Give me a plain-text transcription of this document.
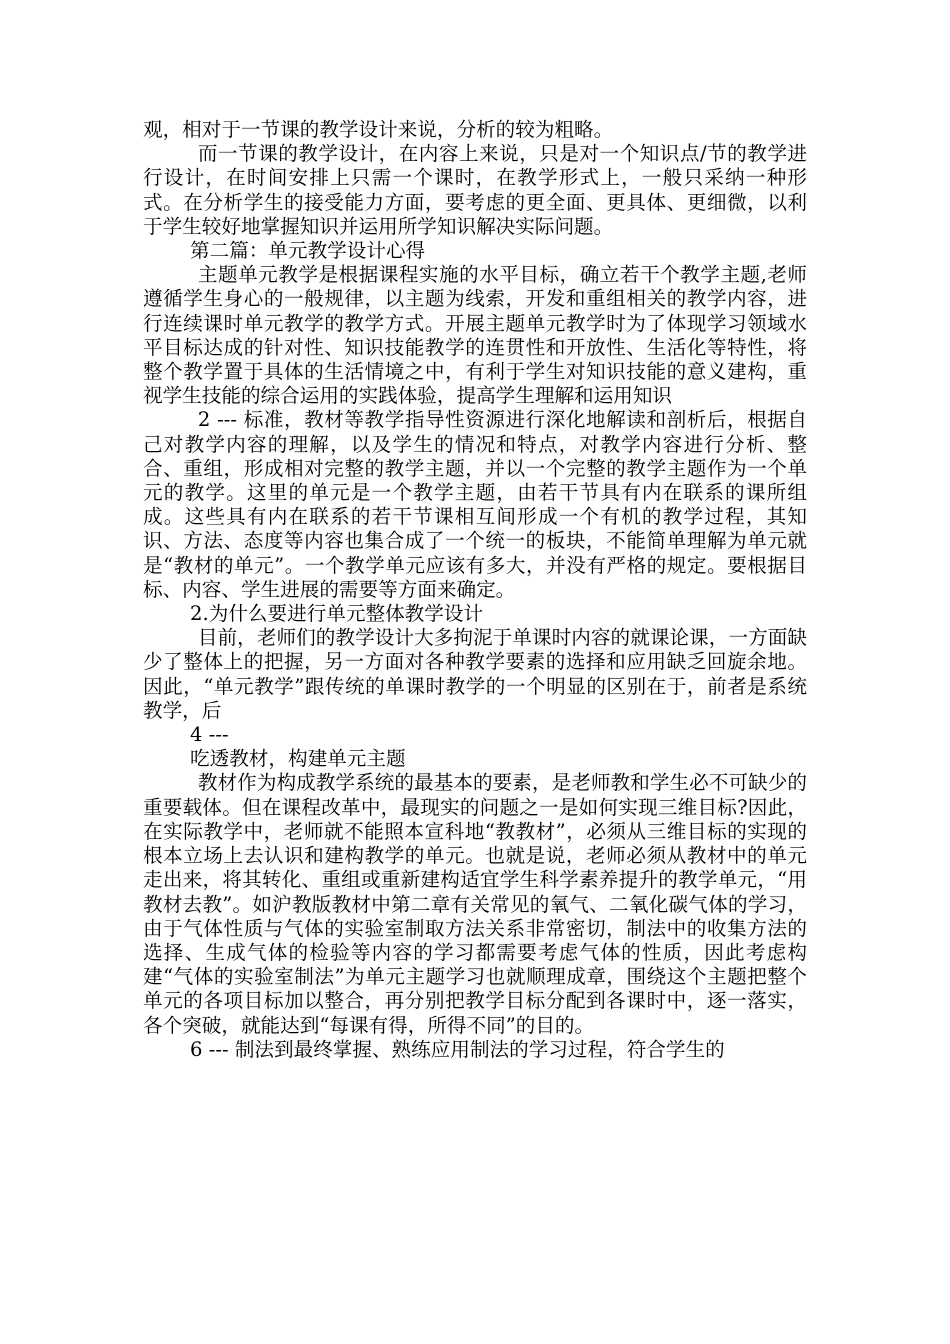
观，相对于一节课的教学设计来说，分析的较为粗略。

而一节课的教学设计，在内容上来说，只是对一个知识点/节的教学进行设计，在时间安排上只需一个课时，在教学形式上，一般只采纳一种形式。在分析学生的接受能力方面，要考虑的更全面、更具体、更细微，以利于学生较好地掌握知识并运用所学知识解决实际问题。

第二篇：单元教学设计心得

主题单元教学是根据课程实施的水平目标，确立若干个教学主题,老师遵循学生身心的一般规律，以主题为线索，开发和重组相关的教学内容，进行连续课时单元教学的教学方式。开展主题单元教学时为了体现学习领域水平目标达成的针对性、知识技能教学的连贯性和开放性、生活化等特性，将整个教学置于具体的生活情境之中，有利于学生对知识技能的意义建构，重视学生技能的综合运用的实践体验，提高学生理解和运用知识

2 --- 标准，教材等教学指导性资源进行深化地解读和剖析后，根据自己对教学内容的理解，以及学生的情况和特点，对教学内容进行分析、整合、重组，形成相对完整的教学主题，并以一个完整的教学主题作为一个单元的教学。这里的单元是一个教学主题，由若干节具有内在联系的课所组成。这些具有内在联系的若干节课相互间形成一个有机的教学过程，其知识、方法、态度等内容也集合成了一个统一的板块，不能简单理解为单元就是“教材的单元”。一个教学单元应该有多大，并没有严格的规定。要根据目标、内容、学生进展的需要等方面来确定。

2.为什么要进行单元整体教学设计

目前，老师们的教学设计大多拘泥于单课时内容的就课论课，一方面缺少了整体上的把握，另一方面对各种教学要素的选择和应用缺乏回旋余地。因此，“单元教学”跟传统的单课时教学的一个明显的区别在于，前者是系统教学，后

4 ---

吃透教材，构建单元主题

教材作为构成教学系统的最基本的要素，是老师教和学生必不可缺少的重要载体。但在课程改革中，最现实的问题之一是如何实现三维目标?因此，在实际教学中，老师就不能照本宣科地“教教材”，必须从三维目标的实现的根本立场上去认识和建构教学的单元。也就是说，老师必须从教材中的单元走出来，将其转化、重组或重新建构适宜学生科学素养提升的教学单元，“用教材去教”。如沪教版教材中第二章有关常见的氧气、二氧化碳气体的学习，由于气体性质与气体的实验室制取方法关系非常密切，制法中的收集方法的选择、生成气体的检验等内容的学习都需要考虑气体的性质，因此考虑构建“气体的实验室制法”为单元主题学习也就顺理成章，围绕这个主题把整个单元的各项目标加以整合，再分别把教学目标分配到各课时中，逐一落实，各个突破，就能达到“每课有得，所得不同”的目的。

6 --- 制法到最终掌握、熟练应用制法的学习过程，符合学生的
